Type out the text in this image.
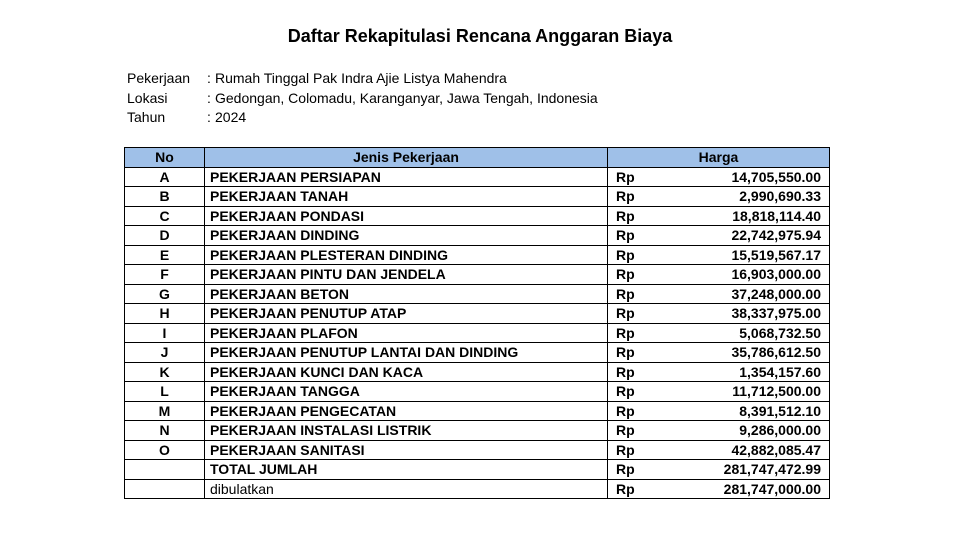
Daftar Rekapitulasi Rencana Anggaran Biaya
Pekerjaan : Rumah Tinggal Pak Indra Ajie Listya Mahendra
Lokasi	: Gedongan, Colomadu, Karanganyar, Jawa Tengah, Indonesia
Tahun	: 2024
No	Jenis Pekerjaan	Harga	
A	PEKERJAAN PERSIAPAN	Rp	14,705,550.00
B	PEKERJAAN TANAH	Rp	2,990,690.33
C	PEKERJAAN PONDASI	Rp	18,818,114.40
D	PEKERJAAN DINDING	Rp	22,742,975.94
E	PEKERJAAN PLESTERAN DINDING	Rp	15,519,567.17
F	PEKERJAAN PINTU DAN JENDELA	Rp	16,903,000.00
G	PEKERJAAN BETON	Rp	37,248,000.00
H	PEKERJAAN PENUTUP ATAP	Rp	38,337,975.00
I	PEKERJAAN PLAFON	Rp	5,068,732.50
J	PEKERJAAN PENUTUP LANTAI DAN DINDING	Rp	35,786,612.50
K	PEKERJAAN KUNCI DAN KACA	Rp	1,354,157.60
L	PEKERJAAN TANGGA	Rp	11,712,500.00
M	PEKERJAAN PENGECATAN	Rp	8,391,512.10
N	PEKERJAAN INSTALASI LISTRIK	Rp	9,286,000.00
O	PEKERJAAN SANITASI	Rp	42,882,085.47
	TOTAL JUMLAH	Rp	281,747,472.99
	dibulatkan	Rp	281,747,000.00
